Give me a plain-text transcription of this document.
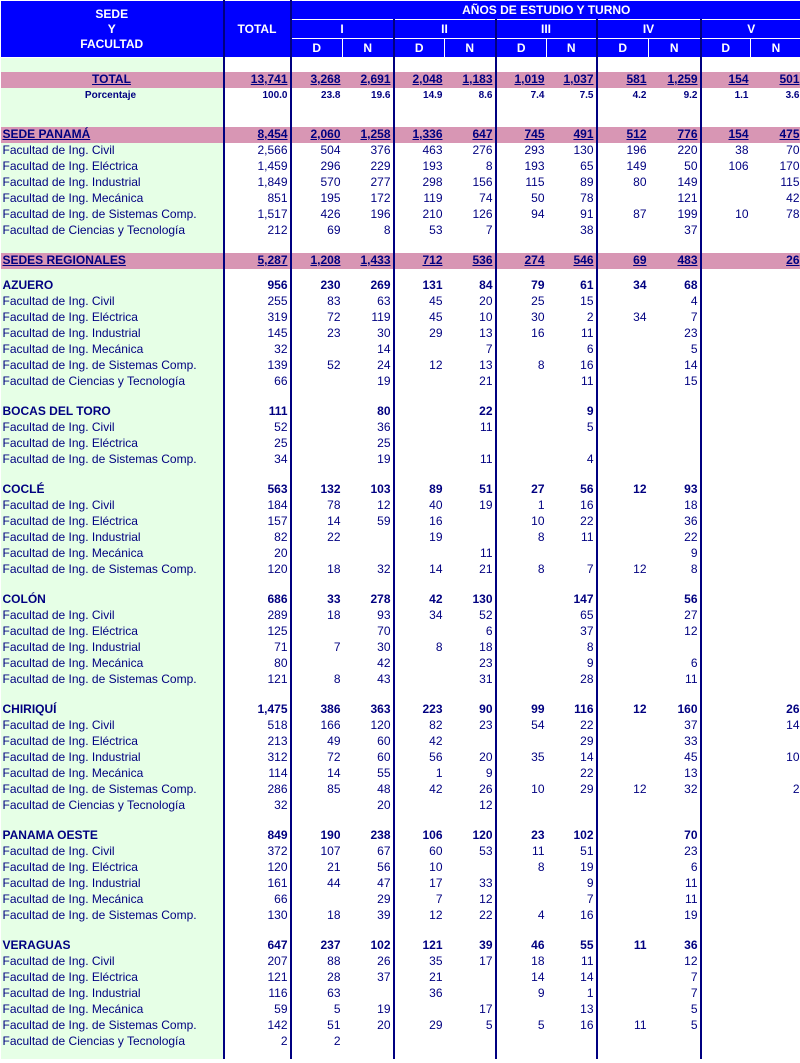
SEDE
Y
FACULTAD	TOTAL	AÑOS DE ESTUDIO Y TURNO									
		I		II		III		IV		V	
		D	N	D	N	D	N	D	N	D	N

TOTAL	13,741	3,268	2,691	2,048	1,183	1,019	1,037	581	1,259	154	501
Porcentaje	100.0	23.8	19.6	14.9	8.6	7.4	7.5	4.2	9.2	1.1	3.6

SEDE PANAMÁ	8,454	2,060	1,258	1,336	647	745	491	512	776	154	475
Facultad de Ing. Civil	2,566	504	376	463	276	293	130	196	220	38	70
Facultad de Ing. Eléctrica	1,459	296	229	193	8	193	65	149	50	106	170
Facultad de Ing. Industrial	1,849	570	277	298	156	115	89	80	149		115
Facultad de Ing. Mecánica	851	195	172	119	74	50	78		121		42
Facultad de Ing. de Sistemas Comp.	1,517	426	196	210	126	94	91	87	199	10	78
Facultad de Ciencias y Tecnología	212	69	8	53	7		38		37		

SEDES REGIONALES	5,287	1,208	1,433	712	536	274	546	69	483		26

AZUERO	956	230	269	131	84	79	61	34	68		
Facultad de Ing. Civil	255	83	63	45	20	25	15		4		
Facultad de Ing. Eléctrica	319	72	119	45	10	30	2	34	7		
Facultad de Ing. Industrial	145	23	30	29	13	16	11		23		
Facultad de Ing. Mecánica	32		14		7		6		5		
Facultad de Ing. de Sistemas Comp.	139	52	24	12	13	8	16		14		
Facultad de Ciencias y Tecnología	66		19		21		11		15		

BOCAS DEL TORO	111		80		22		9				
Facultad de Ing. Civil	52		36		11		5				
Facultad de Ing. Eléctrica	25		25								
Facultad de Ing. de Sistemas Comp.	34		19		11		4				

COCLÉ	563	132	103	89	51	27	56	12	93		
Facultad de Ing. Civil	184	78	12	40	19	1	16		18		
Facultad de Ing. Eléctrica	157	14	59	16		10	22		36		
Facultad de Ing. Industrial	82	22		19		8	11		22		
Facultad de Ing. Mecánica	20				11				9		
Facultad de Ing. de Sistemas Comp.	120	18	32	14	21	8	7	12	8		

COLÓN	686	33	278	42	130		147		56		
Facultad de Ing. Civil	289	18	93	34	52		65		27		
Facultad de Ing. Eléctrica	125		70		6		37		12		
Facultad de Ing. Industrial	71	7	30	8	18		8				
Facultad de Ing. Mecánica	80		42		23		9		6		
Facultad de Ing. de Sistemas Comp.	121	8	43		31		28		11		

CHIRIQUÍ	1,475	386	363	223	90	99	116	12	160		26
Facultad de Ing. Civil	518	166	120	82	23	54	22		37		14
Facultad de Ing. Eléctrica	213	49	60	42			29		33		
Facultad de Ing. Industrial	312	72	60	56	20	35	14		45		10
Facultad de Ing. Mecánica	114	14	55	1	9		22		13		
Facultad de Ing. de Sistemas Comp.	286	85	48	42	26	10	29	12	32		2
Facultad de Ciencias y Tecnología	32		20		12						

PANAMA OESTE	849	190	238	106	120	23	102		70		
Facultad de Ing. Civil	372	107	67	60	53	11	51		23		
Facultad de Ing. Eléctrica	120	21	56	10		8	19		6		
Facultad de Ing. Industrial	161	44	47	17	33		9		11		
Facultad de Ing. Mecánica	66		29	7	12		7		11		
Facultad de Ing. de Sistemas Comp.	130	18	39	12	22	4	16		19		

VERAGUAS	647	237	102	121	39	46	55	11	36		
Facultad de Ing. Civil	207	88	26	35	17	18	11		12		
Facultad de Ing. Eléctrica	121	28	37	21		14	14		7		
Facultad de Ing. Industrial	116	63		36		9	1		7		
Facultad de Ing. Mecánica	59	5	19		17		13		5		
Facultad de Ing. de Sistemas Comp.	142	51	20	29	5	5	16	11	5		
Facultad de Ciencias y Tecnología	2	2									
